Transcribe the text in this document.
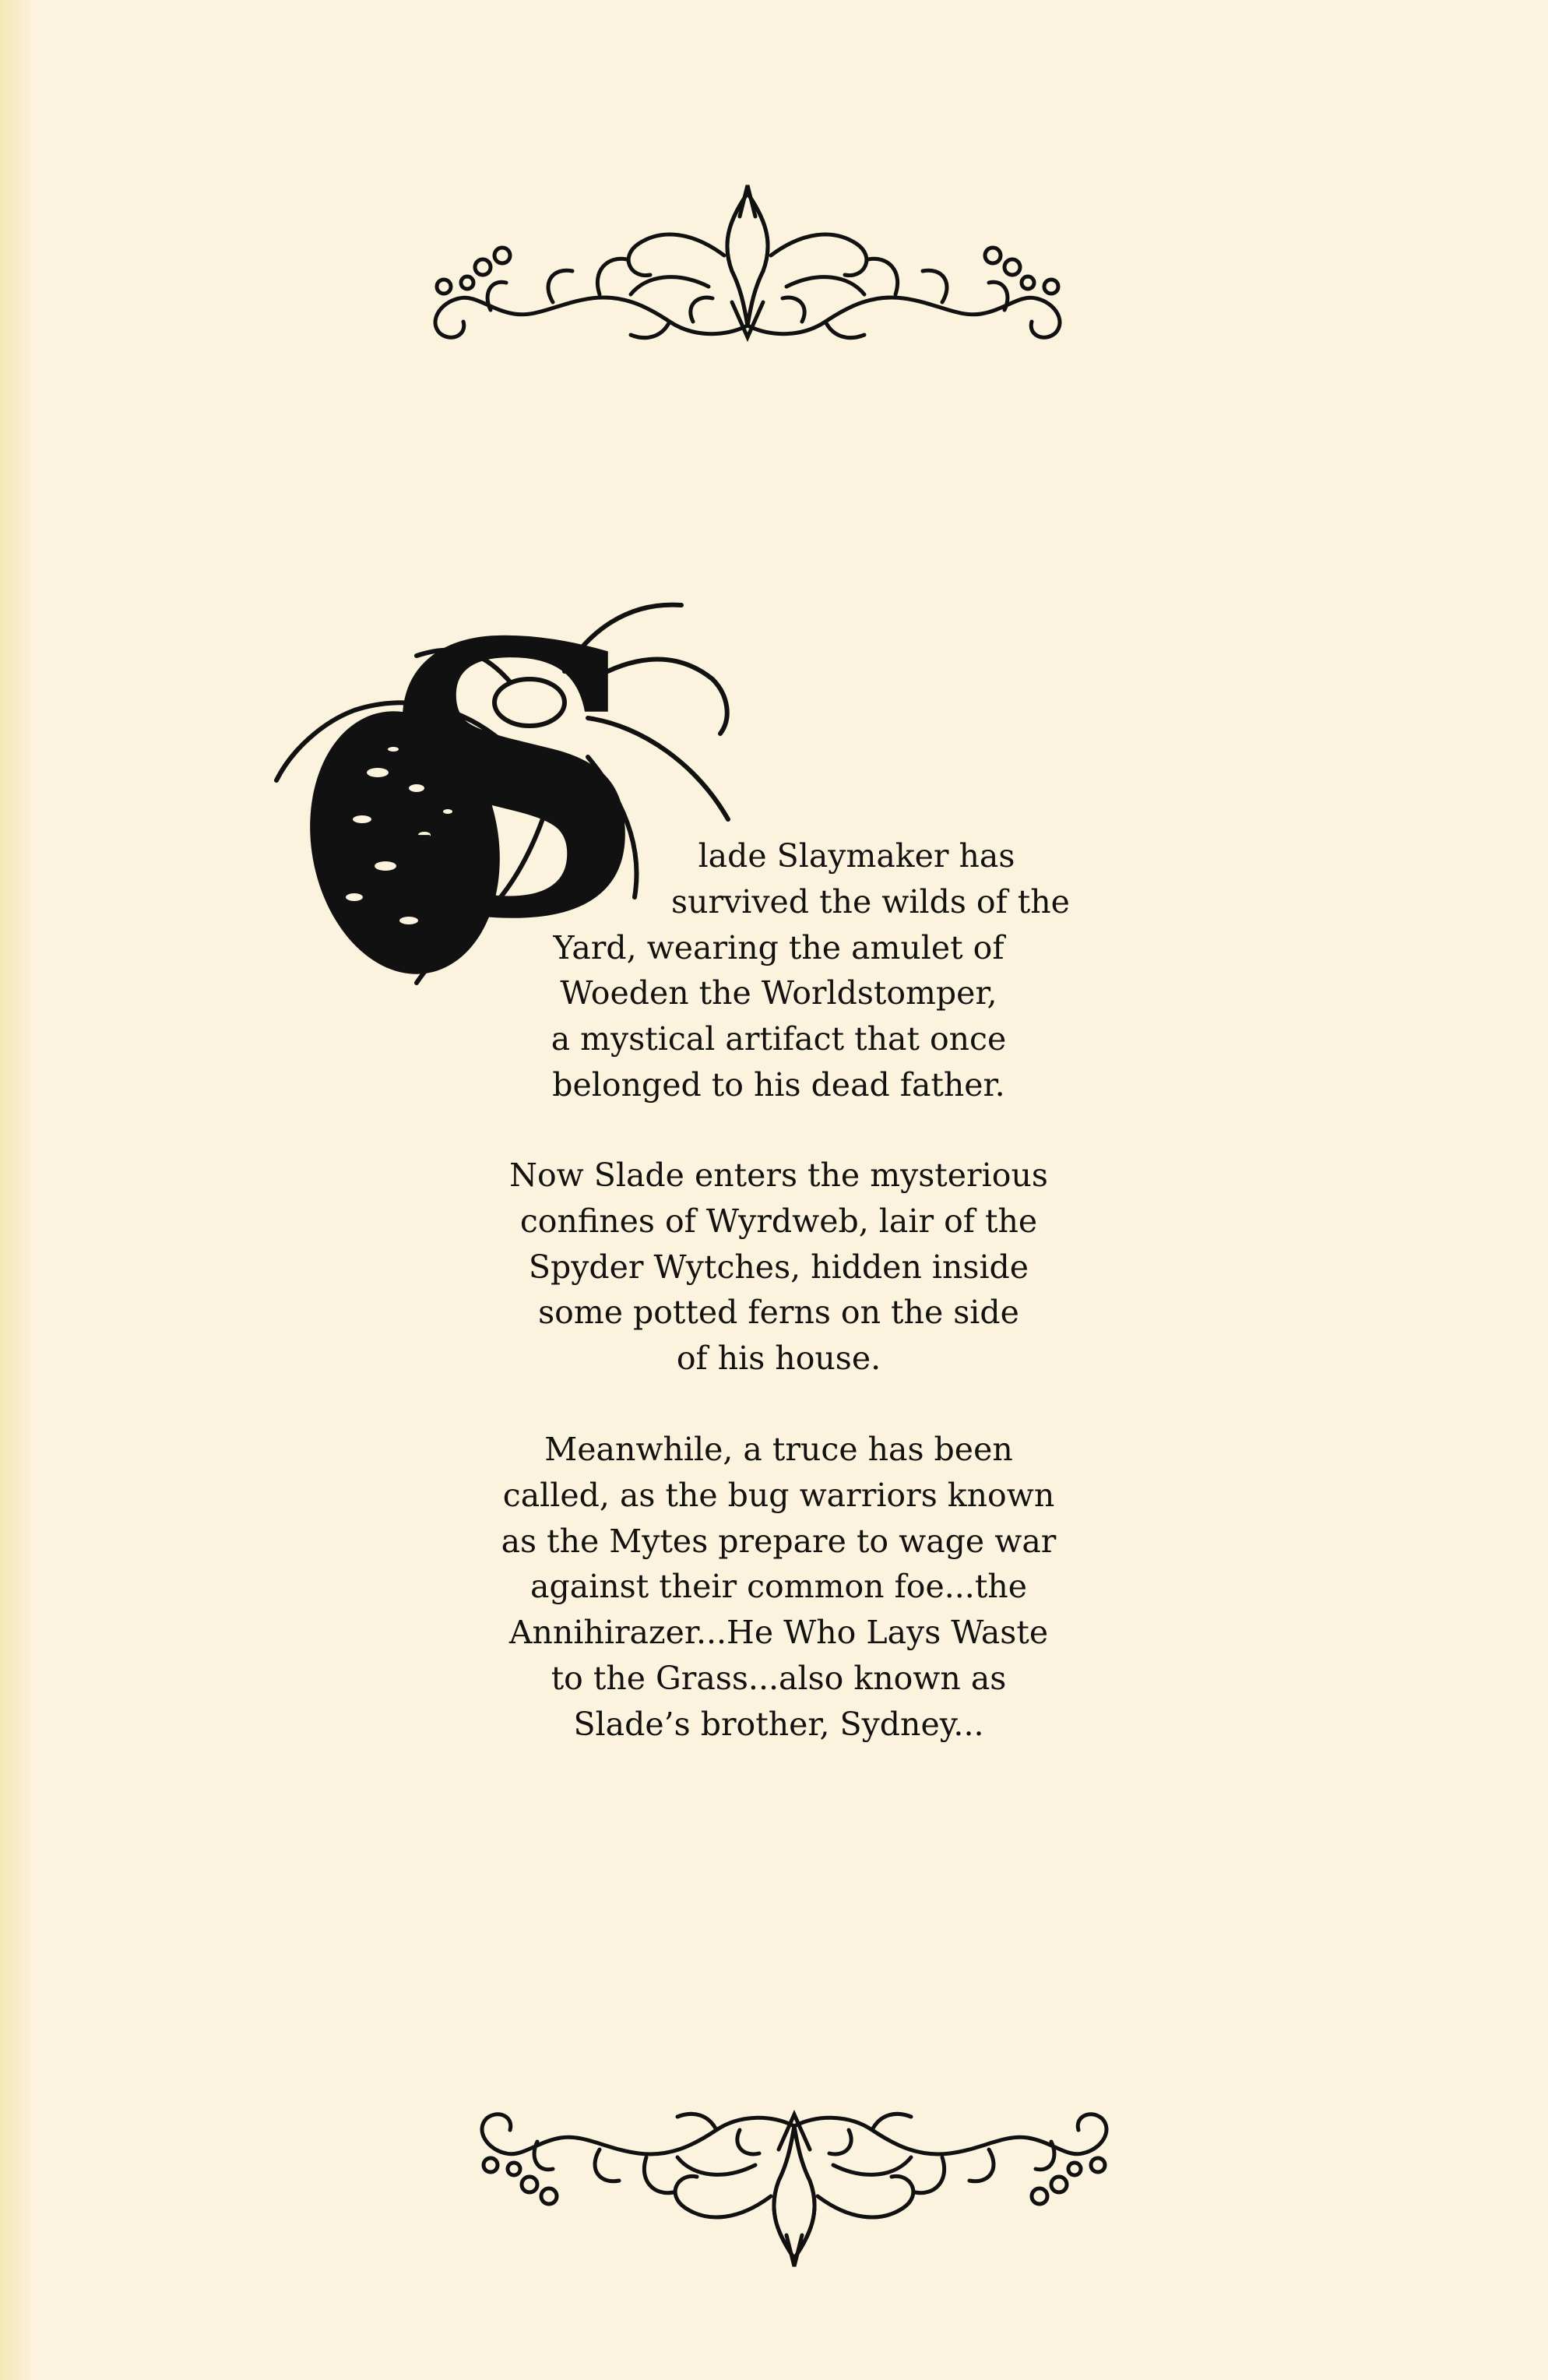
S	lade Slaymaker has
survived the wilds of the
Yard, wearing the amulet of
Woeden the Worldstomper,
a mystical artifact that once
belonged to his dead father.
Now Slade enters the mysterious
confines of Wyrdweb, lair of the
Spyder Wytches, hidden inside
some potted ferns on the side
of his house.
Meanwhile, a truce has been
called, as the bug warriors known
as the Mytes prepare to wage war
against their common foe...the
Annihirazer...He Who Lays Waste
to the Grass...also known as
Slade’s brother, Sydney...
